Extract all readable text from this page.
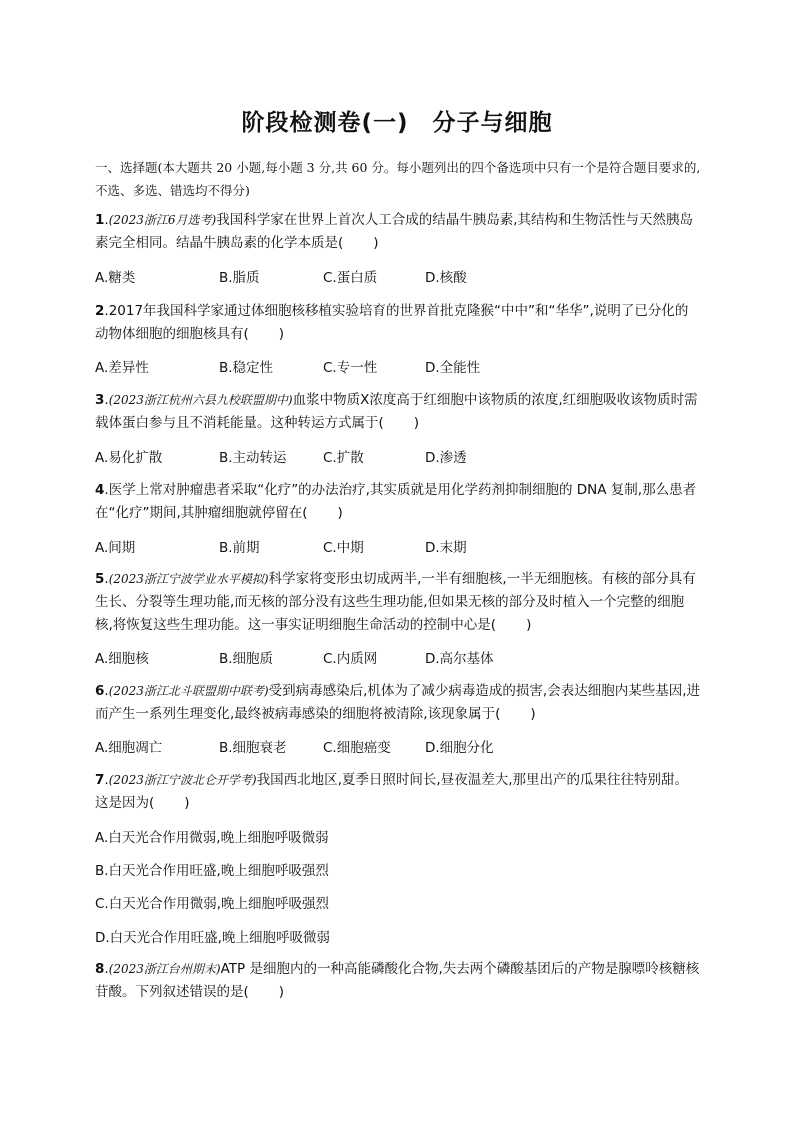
阶段检测卷(一)　分子与细胞
一、选择题(本大题共 20 小题,每小题 3 分,共 60 分。每小题列出的四个备选项中只有一个是符合题目要求的,不选、多选、错选均不得分)
1.(2023浙江6月选考)我国科学家在世界上首次人工合成的结晶牛胰岛素,其结构和生物活性与天然胰岛素完全相同。结晶牛胰岛素的化学本质是( )
A.糖类	B.脂质	C.蛋白质	D.核酸
2.2017年我国科学家通过体细胞核移植实验培育的世界首批克隆猴“中中”和“华华”,说明了已分化的动物体细胞的细胞核具有( )
A.差异性	B.稳定性	C.专一性	D.全能性
3.(2023浙江杭州六县九校联盟期中)血浆中物质X浓度高于红细胞中该物质的浓度,红细胞吸收该物质时需载体蛋白参与且不消耗能量。这种转运方式属于( )
A.易化扩散	B.主动转运	C.扩散	D.渗透
4.医学上常对肿瘤患者采取“化疗”的办法治疗,其实质就是用化学药剂抑制细胞的 DNA 复制,那么患者在“化疗”期间,其肿瘤细胞就停留在( )
A.间期	B.前期	C.中期	D.末期
5.(2023浙江宁波学业水平模拟)科学家将变形虫切成两半,一半有细胞核,一半无细胞核。有核的部分具有生长、分裂等生理功能,而无核的部分没有这些生理功能,但如果无核的部分及时植入一个完整的细胞核,将恢复这些生理功能。这一事实证明细胞生命活动的控制中心是( )
A.细胞核	B.细胞质	C.内质网	D.高尔基体
6.(2023浙江北斗联盟期中联考)受到病毒感染后,机体为了减少病毒造成的损害,会表达细胞内某些基因,进而产生一系列生理变化,最终被病毒感染的细胞将被清除,该现象属于( )
A.细胞凋亡	B.细胞衰老	C.细胞癌变	D.细胞分化
7.(2023浙江宁波北仑开学考)我国西北地区,夏季日照时间长,昼夜温差大,那里出产的瓜果往往特别甜。这是因为( )
A.白天光合作用微弱,晚上细胞呼吸微弱
B.白天光合作用旺盛,晚上细胞呼吸强烈
C.白天光合作用微弱,晚上细胞呼吸强烈
D.白天光合作用旺盛,晚上细胞呼吸微弱
8.(2023浙江台州期末)ATP 是细胞内的一种高能磷酸化合物,失去两个磷酸基团后的产物是腺嘌呤核糖核苷酸。下列叙述错误的是( )
